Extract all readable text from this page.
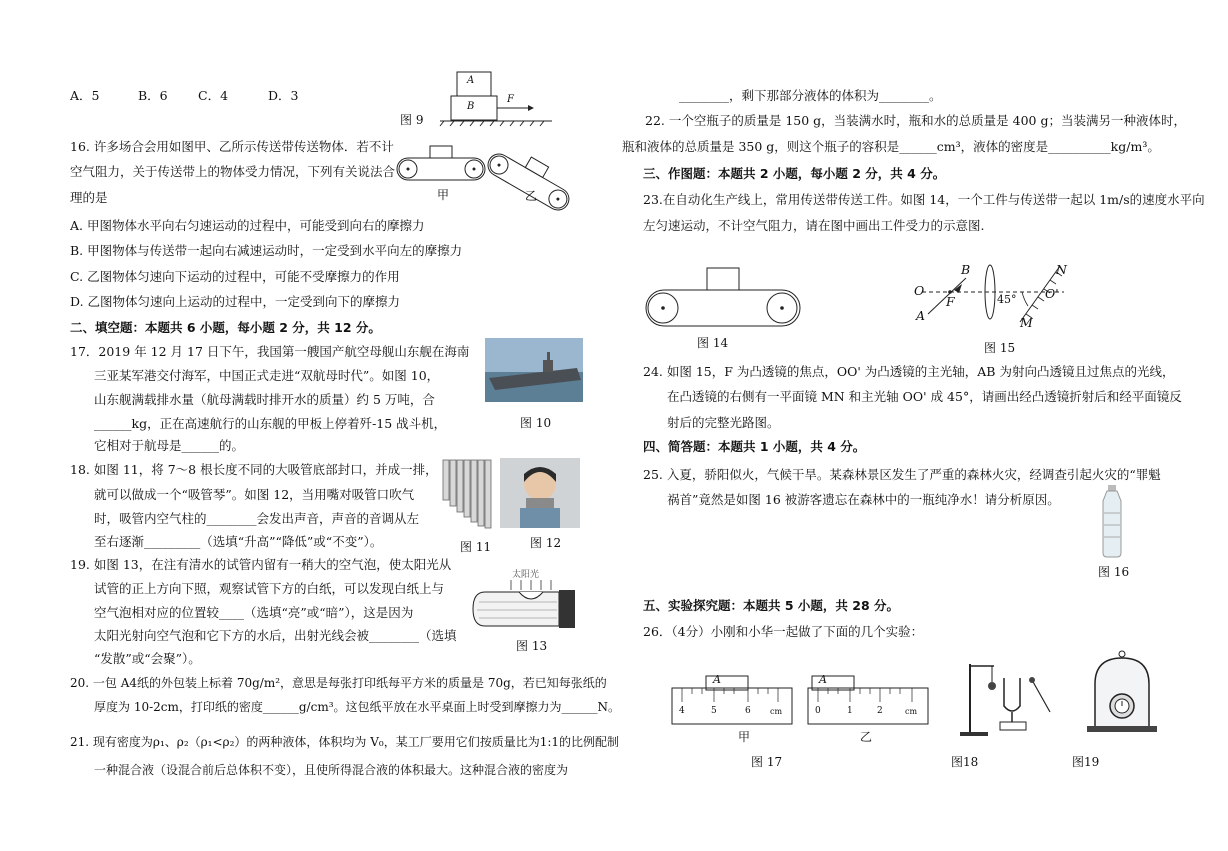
A．5	B．6 C．4	D．3
A
B
F
图 9
16. 许多场合会用如图甲、乙所示传送带传送物体．若不计
空气阻力，关于传送带上的物体受力情况，下列有关说法合
理的是	甲	乙
A. 甲图物体水平向右匀速运动的过程中，可能受到向右的摩擦力
B. 甲图物体与传送带一起向右减速运动时，一定受到水平向左的摩擦力
C. 乙图物体匀速向下运动的过程中，可能不受摩擦力的作用
D. 乙图物体匀速向上运动的过程中，一定受到向下的摩擦力
二、填空题：本题共 6 小题，每小题 2 分，共 12 分。
17．2019 年 12 月 17 日下午，我国第一艘国产航空母舰山东舰在海南
三亚某军港交付海军，中国正式走进“双航母时代”。如图 10，
山东舰满载排水量（航母满载时排开水的质量）约 5 万吨，合
______kg，正在高速航行的山东舰的甲板上停着歼-15 战斗机，
它相对于航母是______的。
图 10
18. 如图 11，将 7～8 根长度不同的大吸管底部封口，并成一排，
就可以做成一个“吸管琴”。如图 12，当用嘴对吸管口吹气
时，吸管内空气柱的________会发出声音，声音的音调从左
至右逐渐_________（选填“升高”“降低”或“不变”）。	图 11	图 12
19. 如图 13，在注有清水的试管内留有一稍大的空气泡，使太阳光从
试管的正上方向下照，观察试管下方的白纸，可以发现白纸上与
空气泡相对应的位置较____（选填“亮”或“暗”），这是因为
太阳光射向空气泡和它下方的水后，出射光线会被________（选填
“发散”或“会聚”）。
太阳光
图 13
20. 一包 A4纸的外包装上标着 70g/m²，意思是每张打印纸每平方米的质量是 70g，若已知每张纸的
厚度为 10-2cm，打印纸的密度______g/cm³。这包纸平放在水平桌面上时受到摩擦力为______N。
21. 现有密度为ρ₁、ρ₂（ρ₁<ρ₂）的两种液体，体积均为 V₀，某工厂要用它们按质量比为1:1的比例配制
一种混合液（设混合前后总体积不变），且使所得混合液的体积最大。这种混合液的密度为
________，剩下那部分液体的体积为________。
22. 一个空瓶子的质量是 150 g，当装满水时，瓶和水的总质量是 400 g；当装满另一种液体时，
瓶和液体的总质量是 350 g，则这个瓶子的容积是______cm³，液体的密度是__________kg/m³。
三、作图题：本题共 2 小题，每小题 2 分，共 4 分。
23.在自动化生产线上，常用传送带传送工件。如图 14，一个工件与传送带一起以 1m/s的速度水平向
左匀速运动，不计空气阻力，请在图中画出工件受力的示意图.
图 14
O
B
F
A
45°
N
O'
M
图 15
24. 如图 15，F 为凸透镜的焦点，OO' 为凸透镜的主光轴，AB 为射向凸透镜且过焦点的光线，
在凸透镜的右侧有一平面镜 MN 和主光轴 OO' 成 45°，请画出经凸透镜折射后和经平面镜反
射后的完整光路图。
四、简答题：本题共 1 小题，共 4 分。
25. 入夏，骄阳似火，气候干旱。某森林景区发生了严重的森林火灾，经调查引起火灾的“罪魁
祸首”竟然是如图 16 被游客遗忘在森林中的一瓶纯净水！请分析原因。
图 16
五、实验探究题：本题共 5 小题，共 28 分。
26．（4分）小刚和小华一起做了下面的几个实验：
A	A
4	5	6 cm	0	1	2	cm
甲	乙
图 17	图18	图19
